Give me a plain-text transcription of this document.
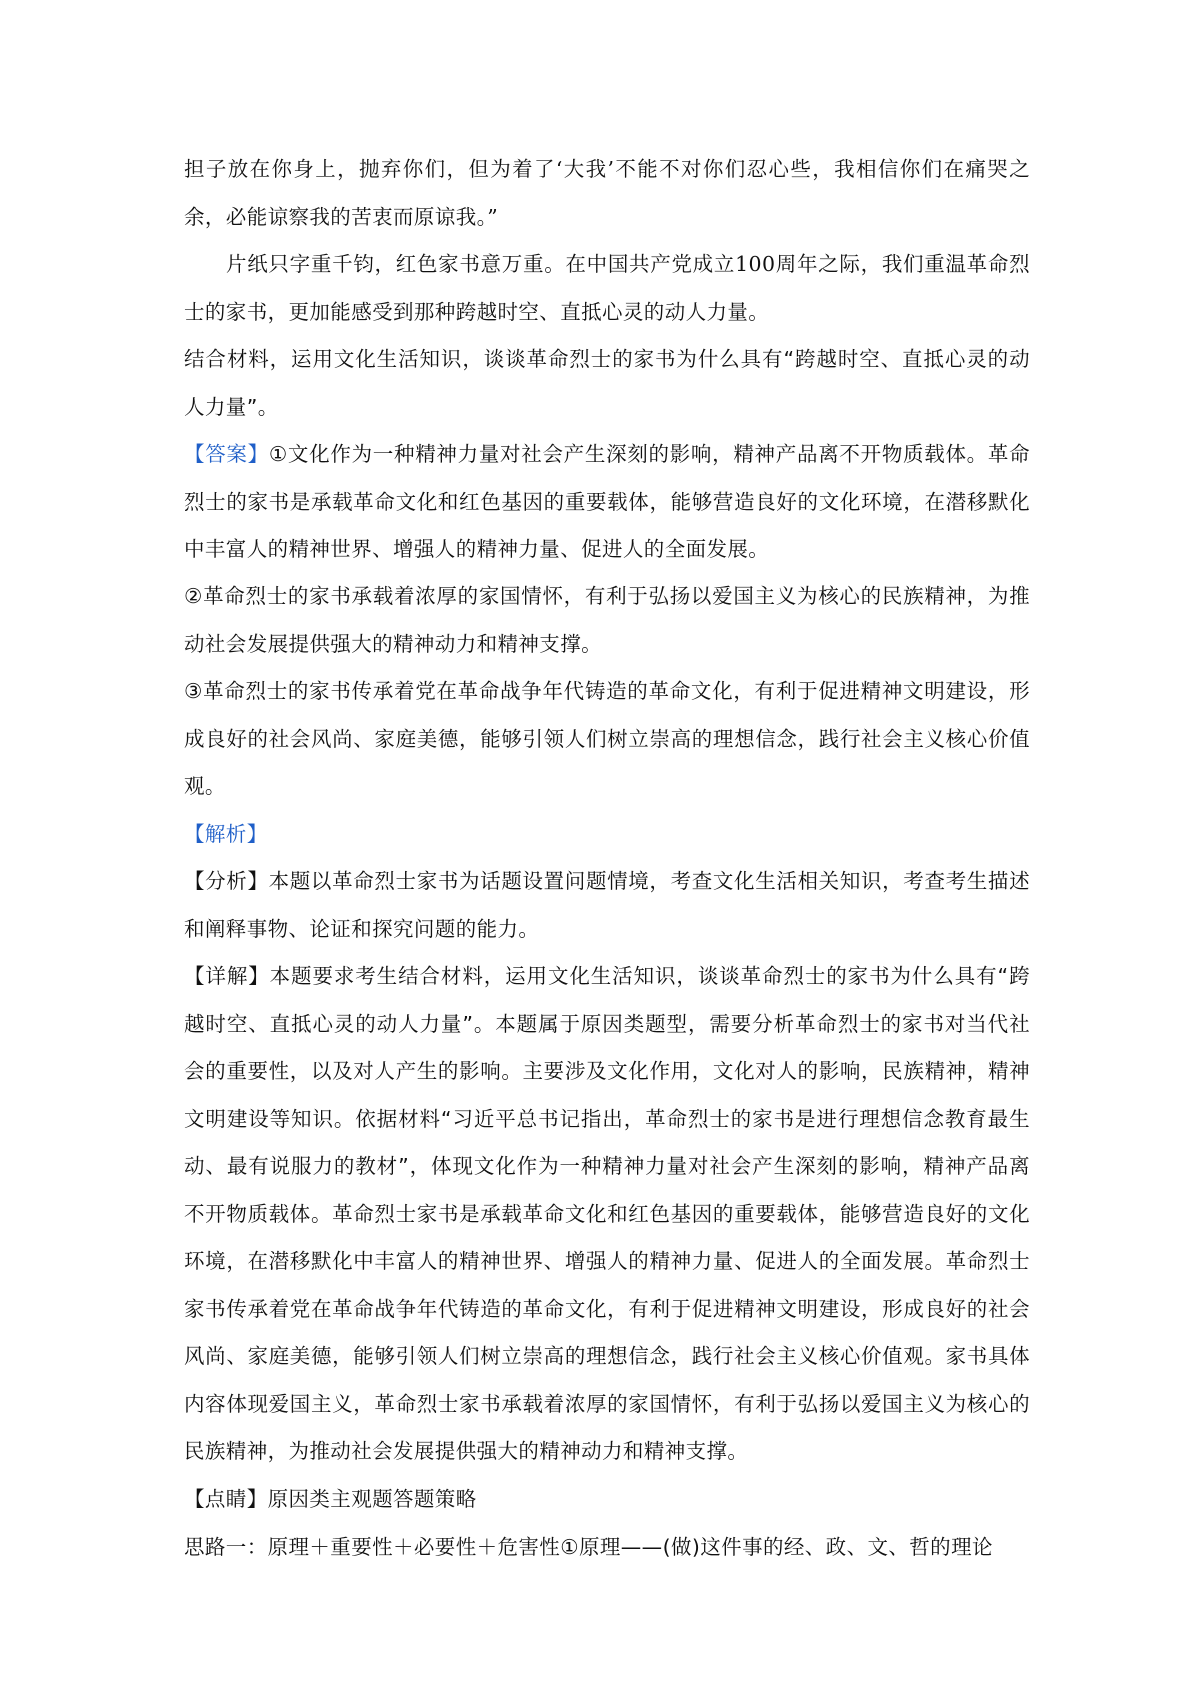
担子放在你身上，抛弃你们，但为着了‘大我’不能不对你们忍心些，我相信你们在痛哭之余，必能谅察我的苦衷而原谅我。”

片纸只字重千钧，红色家书意万重。在中国共产党成立100周年之际，我们重温革命烈士的家书，更加能感受到那种跨越时空、直抵心灵的动人力量。

结合材料，运用文化生活知识，谈谈革命烈士的家书为什么具有“跨越时空、直抵心灵的动人力量”。

【答案】①文化作为一种精神力量对社会产生深刻的影响，精神产品离不开物质载体。革命烈士的家书是承载革命文化和红色基因的重要载体，能够营造良好的文化环境，在潜移默化中丰富人的精神世界、增强人的精神力量、促进人的全面发展。

②革命烈士的家书承载着浓厚的家国情怀，有利于弘扬以爱国主义为核心的民族精神，为推动社会发展提供强大的精神动力和精神支撑。

③革命烈士的家书传承着党在革命战争年代铸造的革命文化，有利于促进精神文明建设，形成良好的社会风尚、家庭美德，能够引领人们树立崇高的理想信念，践行社会主义核心价值观。

【解析】

【分析】本题以革命烈士家书为话题设置问题情境，考查文化生活相关知识，考查考生描述和阐释事物、论证和探究问题的能力。

【详解】本题要求考生结合材料，运用文化生活知识，谈谈革命烈士的家书为什么具有“跨越时空、直抵心灵的动人力量”。本题属于原因类题型，需要分析革命烈士的家书对当代社会的重要性，以及对人产生的影响。主要涉及文化作用，文化对人的影响，民族精神，精神文明建设等知识。依据材料“习近平总书记指出，革命烈士的家书是进行理想信念教育最生动、最有说服力的教材”，体现文化作为一种精神力量对社会产生深刻的影响，精神产品离不开物质载体。革命烈士家书是承载革命文化和红色基因的重要载体，能够营造良好的文化环境，在潜移默化中丰富人的精神世界、增强人的精神力量、促进人的全面发展。革命烈士家书传承着党在革命战争年代铸造的革命文化，有利于促进精神文明建设，形成良好的社会风尚、家庭美德，能够引领人们树立崇高的理想信念，践行社会主义核心价值观。家书具体内容体现爱国主义，革命烈士家书承载着浓厚的家国情怀，有利于弘扬以爱国主义为核心的民族精神，为推动社会发展提供强大的精神动力和精神支撑。

【点睛】原因类主观题答题策略

思路一：原理＋重要性＋必要性＋危害性①原理——(做)这件事的经、政、文、哲的理论
